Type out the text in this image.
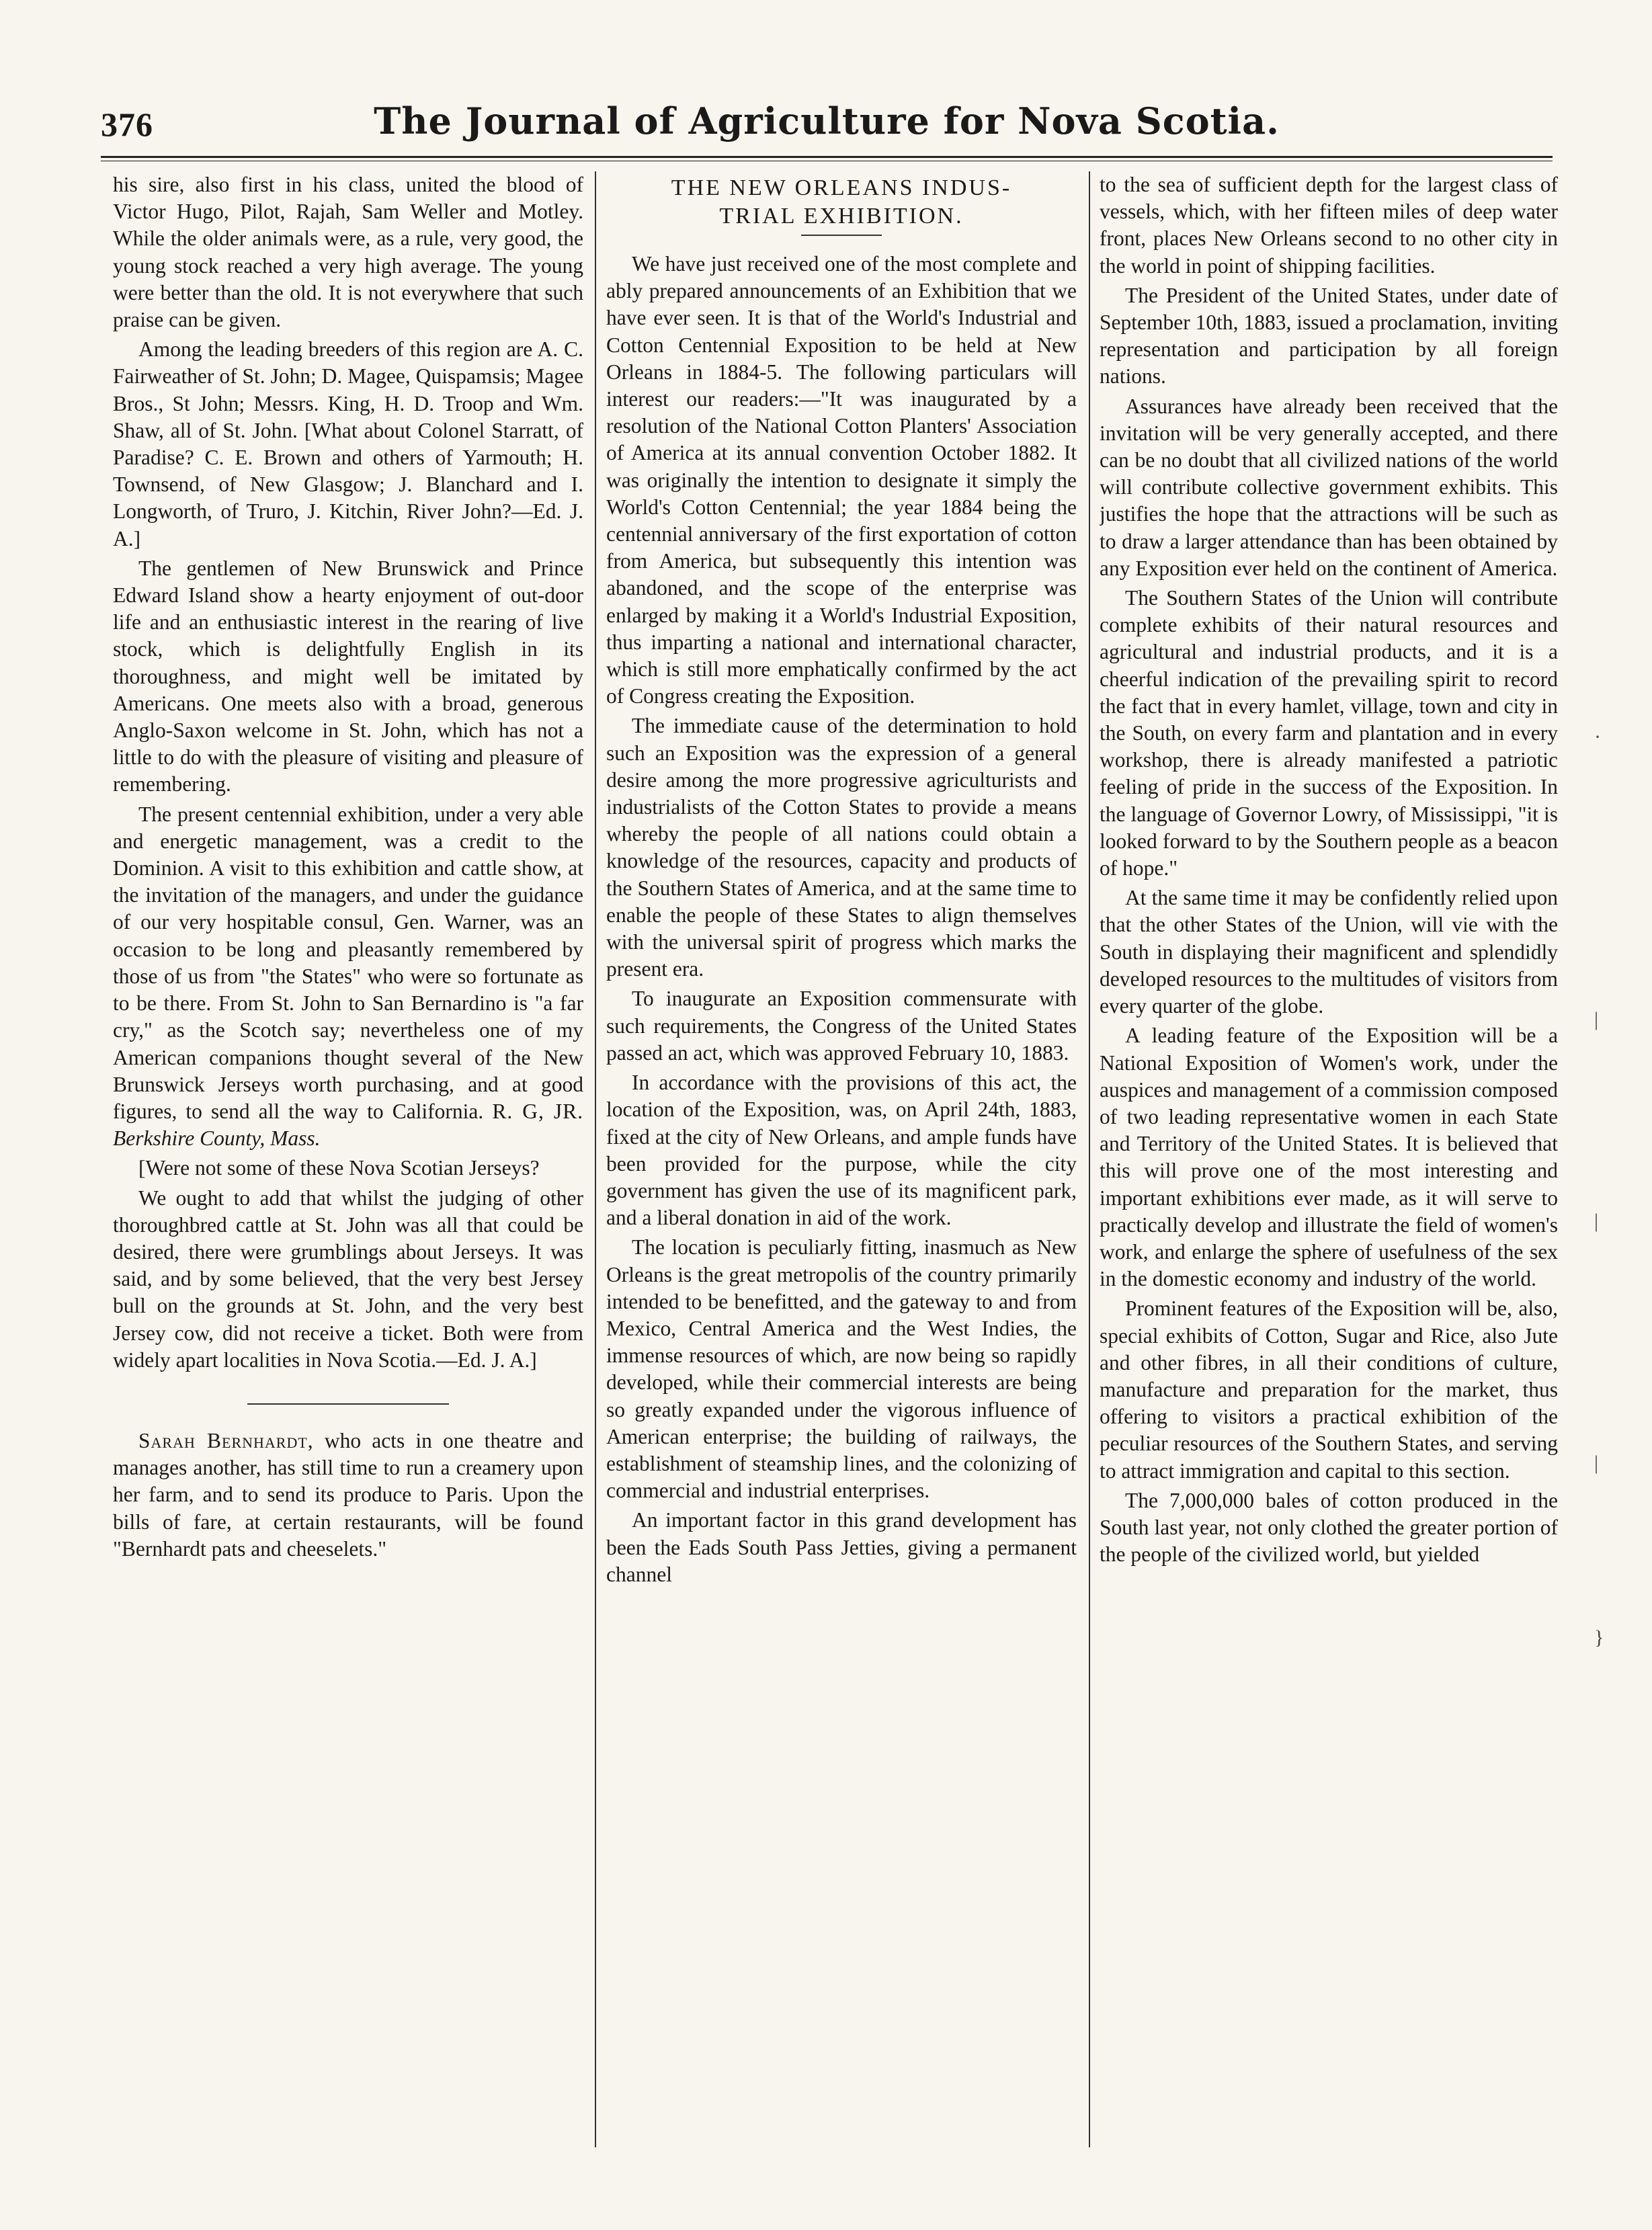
376	The Journal of Agriculture for Nova Scotia.

his sire, also first in his class, united the blood of Victor Hugo, Pilot, Rajah, Sam Weller and Motley. While the older animals were, as a rule, very good, the young stock reached a very high average. The young were better than the old. It is not everywhere that such praise can be given.

Among the leading breeders of this region are A. C. Fairweather of St. John; D. Magee, Quispamsis; Magee Bros., St John; Messrs. King, H. D. Troop and Wm. Shaw, all of St. John. [What about Colonel Starratt, of Paradise? C. E. Brown and others of Yarmouth; H. Townsend, of New Glasgow; J. Blanchard and I. Longworth, of Truro, J. Kitchin, River John?—Ed. J. A.]

The gentlemen of New Brunswick and Prince Edward Island show a hearty enjoyment of out-door life and an enthusiastic interest in the rearing of live stock, which is delightfully English in its thoroughness, and might well be imitated by Americans. One meets also with a broad, generous Anglo-Saxon welcome in St. John, which has not a little to do with the pleasure of visiting and pleasure of remembering.

The present centennial exhibition, under a very able and energetic management, was a credit to the Dominion. A visit to this exhibition and cattle show, at the invitation of the managers, and under the guidance of our very hospitable consul, Gen. Warner, was an occasion to be long and pleasantly remembered by those of us from "the States" who were so fortunate as to be there. From St. John to San Bernardino is "a far cry," as the Scotch say; nevertheless one of my American companions thought several of the New Brunswick Jerseys worth purchasing, and at good figures, to send all the way to California. R. G, JR. Berkshire County, Mass.

[Were not some of these Nova Scotian Jerseys?

We ought to add that whilst the judging of other thoroughbred cattle at St. John was all that could be desired, there were grumblings about Jerseys. It was said, and by some believed, that the very best Jersey bull on the grounds at St. John, and the very best Jersey cow, did not receive a ticket. Both were from widely apart localities in Nova Scotia.—Ed. J. A.]

Sarah Bernhardt, who acts in one theatre and manages another, has still time to run a creamery upon her farm, and to send its produce to Paris. Upon the bills of fare, at certain restaurants, will be found "Bernhardt pats and cheeselets."

THE NEW ORLEANS INDUS-
TRIAL EXHIBITION.

We have just received one of the most complete and ably prepared announcements of an Exhibition that we have ever seen. It is that of the World's Industrial and Cotton Centennial Exposition to be held at New Orleans in 1884-5. The following particulars will interest our readers:—"It was inaugurated by a resolution of the National Cotton Planters' Association of America at its annual convention October 1882. It was originally the intention to designate it simply the World's Cotton Centennial; the year 1884 being the centennial anniversary of the first exportation of cotton from America, but subsequently this intention was abandoned, and the scope of the enterprise was enlarged by making it a World's Industrial Exposition, thus imparting a national and international character, which is still more emphatically confirmed by the act of Congress creating the Exposition.

The immediate cause of the determination to hold such an Exposition was the expression of a general desire among the more progressive agriculturists and industrialists of the Cotton States to provide a means whereby the people of all nations could obtain a knowledge of the resources, capacity and products of the Southern States of America, and at the same time to enable the people of these States to align themselves with the universal spirit of progress which marks the present era.

To inaugurate an Exposition commensurate with such requirements, the Congress of the United States passed an act, which was approved February 10, 1883.

In accordance with the provisions of this act, the location of the Exposition, was, on April 24th, 1883, fixed at the city of New Orleans, and ample funds have been provided for the purpose, while the city government has given the use of its magnificent park, and a liberal donation in aid of the work.

The location is peculiarly fitting, inasmuch as New Orleans is the great metropolis of the country primarily intended to be benefitted, and the gateway to and from Mexico, Central America and the West Indies, the immense resources of which, are now being so rapidly developed, while their commercial interests are being so greatly expanded under the vigorous influence of American enterprise; the building of railways, the establishment of steamship lines, and the colonizing of commercial and industrial enterprises.

An important factor in this grand development has been the Eads South Pass Jetties, giving a permanent channel

to the sea of sufficient depth for the largest class of vessels, which, with her fifteen miles of deep water front, places New Orleans second to no other city in the world in point of shipping facilities.

The President of the United States, under date of September 10th, 1883, issued a proclamation, inviting representation and participation by all foreign nations.

Assurances have already been received that the invitation will be very generally accepted, and there can be no doubt that all civilized nations of the world will contribute collective government exhibits. This justifies the hope that the attractions will be such as to draw a larger attendance than has been obtained by any Exposition ever held on the continent of America.

The Southern States of the Union will contribute complete exhibits of their natural resources and agricultural and industrial products, and it is a cheerful indication of the prevailing spirit to record the fact that in every hamlet, village, town and city in the South, on every farm and plantation and in every workshop, there is already manifested a patriotic feeling of pride in the success of the Exposition. In the language of Governor Lowry, of Mississippi, "it is looked forward to by the Southern people as a beacon of hope."

At the same time it may be confidently relied upon that the other States of the Union, will vie with the South in displaying their magnificent and splendidly developed resources to the multitudes of visitors from every quarter of the globe.

A leading feature of the Exposition will be a National Exposition of Women's work, under the auspices and management of a commission composed of two leading representative women in each State and Territory of the United States. It is believed that this will prove one of the most interesting and important exhibitions ever made, as it will serve to practically develop and illustrate the field of women's work, and enlarge the sphere of usefulness of the sex in the domestic economy and industry of the world.

Prominent features of the Exposition will be, also, special exhibits of Cotton, Sugar and Rice, also Jute and other fibres, in all their conditions of culture, manufacture and preparation for the market, thus offering to visitors a practical exhibition of the peculiar resources of the Southern States, and serving to attract immigration and capital to this section.

The 7,000,000 bales of cotton produced in the South last year, not only clothed the greater portion of the people of the civilized world, but yielded

·
|
|
|
}
